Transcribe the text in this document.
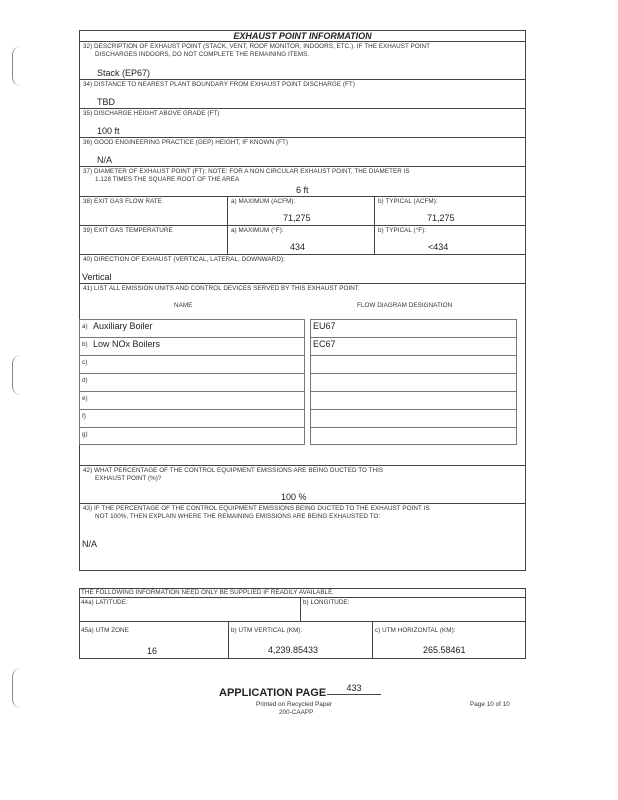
EXHAUST POINT INFORMATION
32) DESCRIPTION OF EXHAUST POINT (STACK, VENT, ROOF MONITOR, INDOORS, ETC.). IF THE EXHAUST POINT
DISCHARGES INDOORS, DO NOT COMPLETE THE REMAINING ITEMS.
Stack (EP67)
34) DISTANCE TO NEAREST PLANT BOUNDARY FROM EXHAUST POINT DISCHARGE (FT)
TBD
35) DISCHARGE HEIGHT ABOVE GRADE (FT)
100 ft
36) GOOD ENGINEERING PRACTICE (GEP) HEIGHT, IF KNOWN (FT)
N/A
37) DIAMETER OF EXHAUST POINT (FT): NOTE: FOR A NON CIRCULAR EXHAUST POINT, THE DIAMETER IS
1.128 TIMES THE SQUARE ROOT OF THE AREA
6 ft
38) EXIT GAS FLOW RATE	a) MAXIMUM (ACFM):
71,275
b) TYPICAL (ACFM):
71,275
39) EXIT GAS TEMPERATURE	a) MAXIMUM (°F):
434
b) TYPICAL (°F):
<434
40) DIRECTION OF EXHAUST (VERTICAL, LATERAL, DOWNWARD):
Vertical
41) LIST ALL EMISSION UNITS AND CONTROL DEVICES SERVED BY THIS EXHAUST POINT:
NAME	FLOW DIAGRAM DESIGNATION
a) Auxiliary Boiler	EU67
b) Low NOx Boilers	EC67
c)
d)
e)
f)
g)
42) WHAT PERCENTAGE OF THE CONTROL EQUIPMENT EMISSIONS ARE BEING DUCTED TO THIS
EXHAUST POINT (%)?
100 %
43) IF THE PERCENTAGE OF THE CONTROL EQUIPMENT EMISSIONS BEING DUCTED TO THE EXHAUST POINT IS
NOT 100%, THEN EXPLAIN WHERE THE REMAINING EMISSIONS ARE BEING EXHAUSTED TO:
N/A
THE FOLLOWING INFORMATION NEED ONLY BE SUPPLIED IF READILY AVAILABLE.
44a) LATITUDE:	b) LONGITUDE:
45a) UTM ZONE	b) UTM VERTICAL (KM):	c) UTM HORIZONTAL (KM):
16	4,239.85433	265.58461
APPLICATION PAGE	433
Printed on Recycled Paper
200-CAAPP
Page 10 of 10
